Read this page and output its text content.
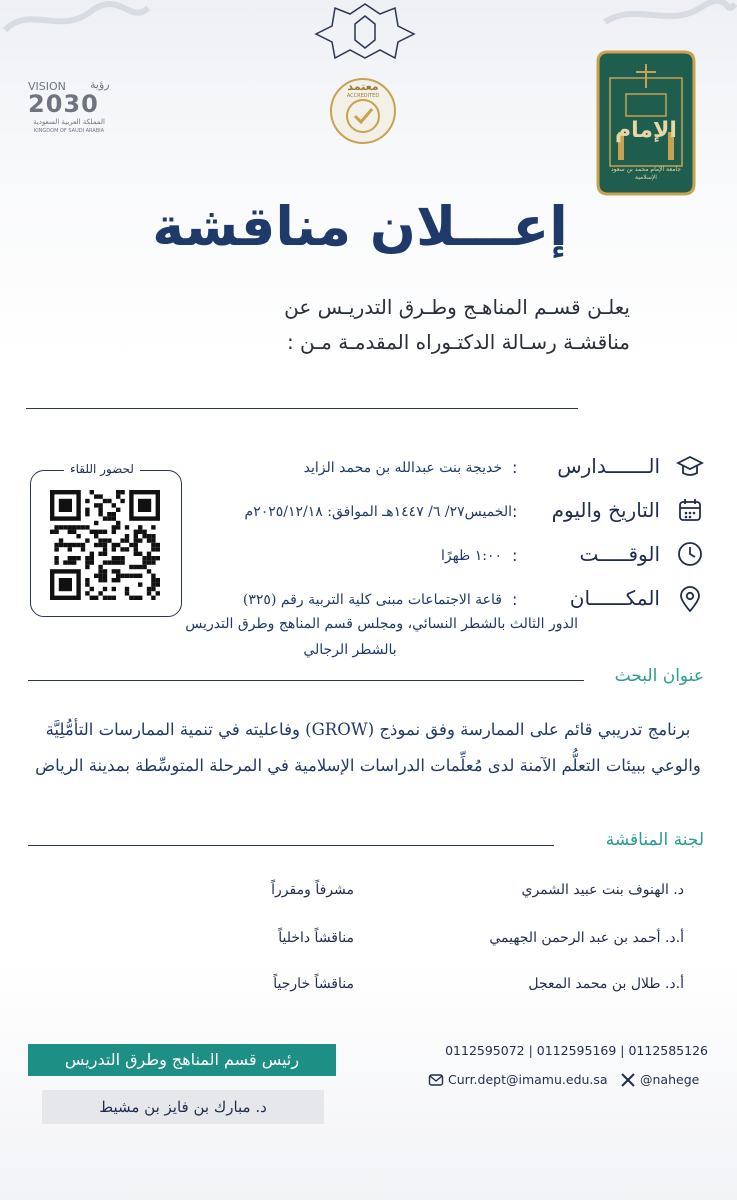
الإمام
جامعة الإمام محمد بن سعود الإسلامية
معتمد
ACCREDITED
VISION رؤية
2030
المملكة العربية السعودية
KINGDOM OF SAUDI ARABIA
إعـــلان مناقشة
يعلـن قسـم المناهـج وطـرق التدريـس عن
مناقشـة رسـالة الدكتـوراه المقدمـة مـن :
الـــــــدارس
:
خديجة بنت عبدالله بن محمد الزايد
التاريخ واليوم
:
الخميس٢٧/ ٦/ ١٤٤٧هـ الموافق: ٢٠٢٥/١٢/١٨م
الوقـــــت
:
١:٠٠ ظهرًا
المكــــــان
:
قاعة الاجتماعات مبنى كلية التربية رقم (٣٢٥)
الدور الثالث بالشطر النسائي، ومجلس قسم المناهج وطرق التدريس
بالشطر الرجالي
لحضور اللقاء
عنوان البحث
برنامج تدريبي قائم على الممارسة وفق نموذج (GROW) وفاعليته في تنمية الممارسات التأمُّلِيَّة
والوعي ببيئات التعلُّم الآمنة لدى مُعلِّمات الدراسات الإسلامية في المرحلة المتوسِّطة بمدينة الرياض
لجنة المناقشة
د. الهنوف بنت عبيد الشمري
مشرفاً ومقرراً
أ.د. أحمد بن عبد الرحمن الجهيمي
مناقشاً داخلياً
أ.د. طلال بن محمد المعجل
مناقشاً خارجياً
رئيس قسم المناهج وطرق التدريس
د. مبارك بن فايز بن مشيط
0112595072 | 0112595169 | 0112585126
Curr.dept@imamu.edu.sa	@nahege
